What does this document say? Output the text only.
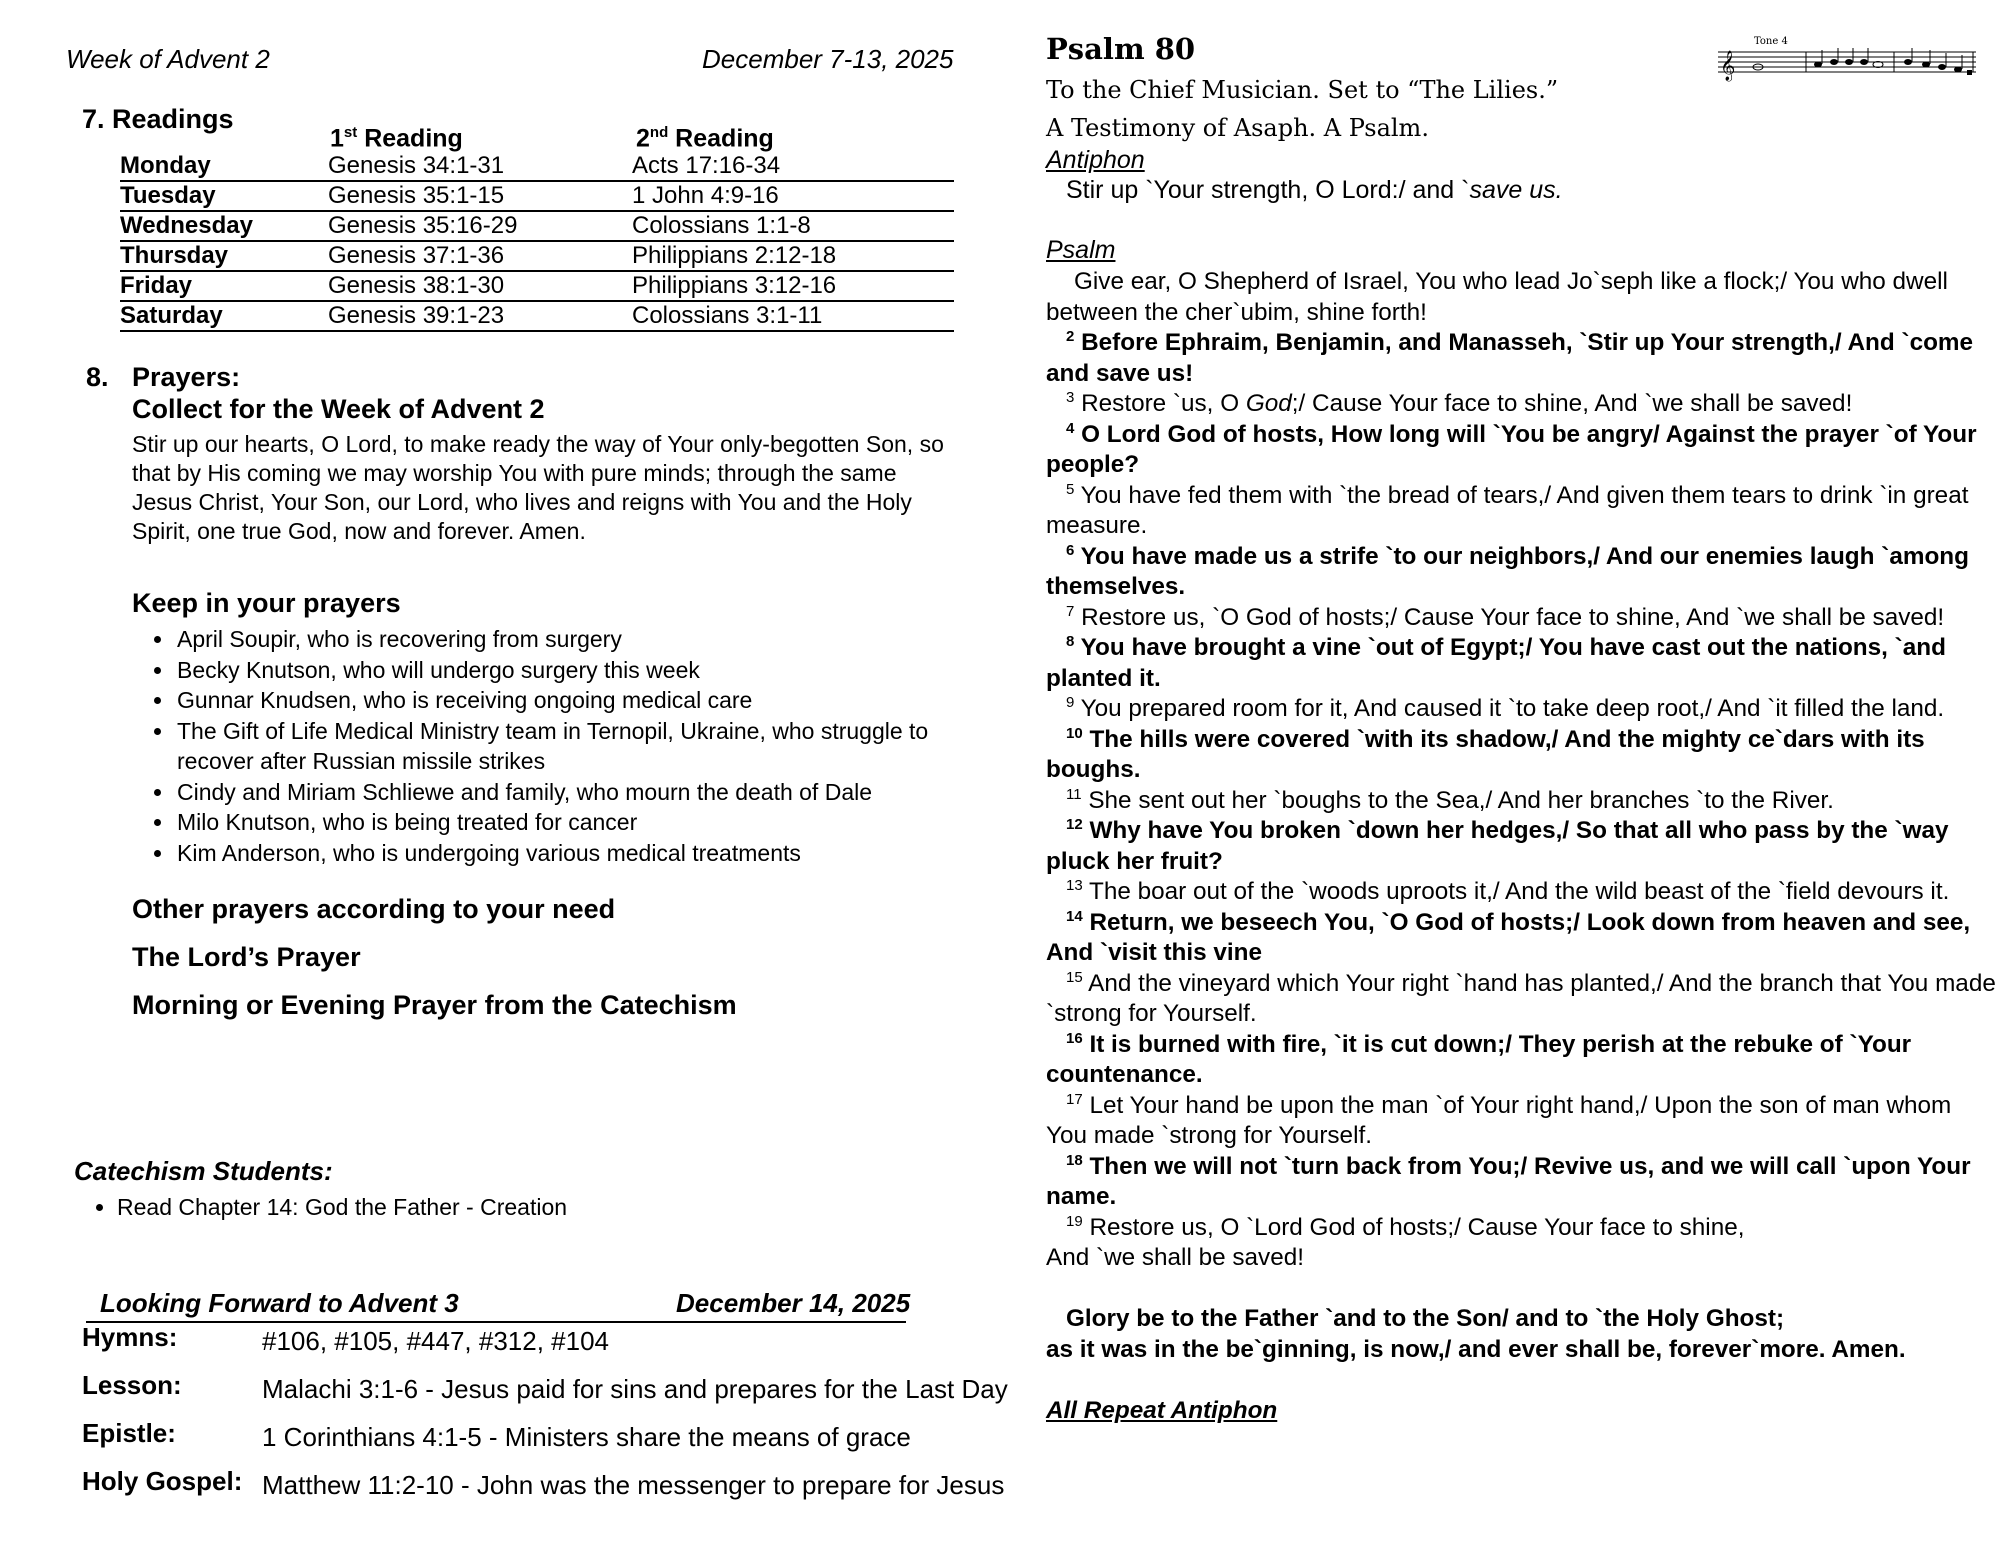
Week of Advent 2	December 7-13, 2025
7. Readings
1st Reading	2nd Reading
Monday	Genesis 34:1-31	Acts 17:16-34
Tuesday	Genesis 35:1-15	1 John 4:9-16
Wednesday	Genesis 35:16-29	Colossians 1:1-8
Thursday	Genesis 37:1-36	Philippians 2:12-18
Friday	Genesis 38:1-30	Philippians 3:12-16
Saturday	Genesis 39:1-23	Colossians 3:1-11
8. Prayers:
Collect for the Week of Advent 2
Stir up our hearts, O Lord, to make ready the way of Your only-begotten Son, so that by His coming we may worship You with pure minds; through the same Jesus Christ, Your Son, our Lord, who lives and reigns with You and the Holy Spirit, one true God, now and forever. Amen.
Keep in your prayers
• April Soupir, who is recovering from surgery
• Becky Knutson, who will undergo surgery this week
• Gunnar Knudsen, who is receiving ongoing medical care
• The Gift of Life Medical Ministry team in Ternopil, Ukraine, who struggle to recover after Russian missile strikes
• Cindy and Miriam Schliewe and family, who mourn the death of Dale
• Milo Knutson, who is being treated for cancer
• Kim Anderson, who is undergoing various medical treatments
Other prayers according to your need
The Lord’s Prayer
Morning or Evening Prayer from the Catechism
Catechism Students:
• Read Chapter 14: God the Father - Creation
Looking Forward to Advent 3	December 14, 2025
Hymns:	#106, #105, #447, #312, #104
Lesson:	Malachi 3:1-6 - Jesus paid for sins and prepares for the Last Day
Epistle:	1 Corinthians 4:1-5 - Ministers share the means of grace
Holy Gospel: Matthew 11:2-10 - John was the messenger to prepare for Jesus
Psalm 80	Tone 4
𝄞
To the Chief Musician. Set to “The Lilies.”
A Testimony of Asaph. A Psalm.
Antiphon
Stir up `Your strength, O Lord:/ and `save us.
Psalm

Give ear, O Shepherd of Israel, You who lead Jo`seph like a flock;/ You who dwell between the cher`ubim, shine forth!

$^2$ Before Ephraim, Benjamin, and Manasseh, `Stir up Your strength,/ And `come and save us!

$^3$ Restore `us, O God;/ Cause Your face to shine, And `we shall be saved!

$^4$ O Lord God of hosts, How long will `You be angry/ Against the prayer `of Your people?

$^5$ You have fed them with `the bread of tears,/ And given them tears to drink `in great measure.

$^6$ You have made us a strife `to our neighbors,/ And our enemies laugh `among themselves.

$^7$ Restore us, `O God of hosts;/ Cause Your face to shine, And `we shall be saved!

$^8$ You have brought a vine `out of Egypt;/ You have cast out the nations, `and planted it.

$^9$ You prepared room for it, And caused it `to take deep root,/ And `it filled the land.

$^{10}$ The hills were covered `with its shadow,/ And the mighty ce`dars with its boughs.

$^{11}$ She sent out her `boughs to the Sea,/ And her branches `to the River.

$^{12}$ Why have You broken `down her hedges,/ So that all who pass by the `way pluck her fruit?

$^{13}$ The boar out of the `woods uproots it,/ And the wild beast of the `field devours it.

$^{14}$ Return, we beseech You, `O God of hosts;/ Look down from heaven and see, And `visit this vine

$^{15}$ And the vineyard which Your right `hand has planted,/ And the branch that You made `strong for Yourself.

$^{16}$ It is burned with fire, `it is cut down;/ They perish at the rebuke of `Your countenance.

$^{17}$ Let Your hand be upon the man `of Your right hand,/ Upon the son of man whom You made `strong for Yourself.

$^{18}$ Then we will not `turn back from You;/ Revive us, and we will call `upon Your name.

$^{19}$ Restore us, O `Lord God of hosts;/ Cause Your face to shine,

And `we shall be saved!

Glory be to the Father `and to the Son/ and to `the Holy Ghost;

as it was in the be`ginning, is now,/ and ever shall be, forever`more. Amen.

All Repeat Antiphon
